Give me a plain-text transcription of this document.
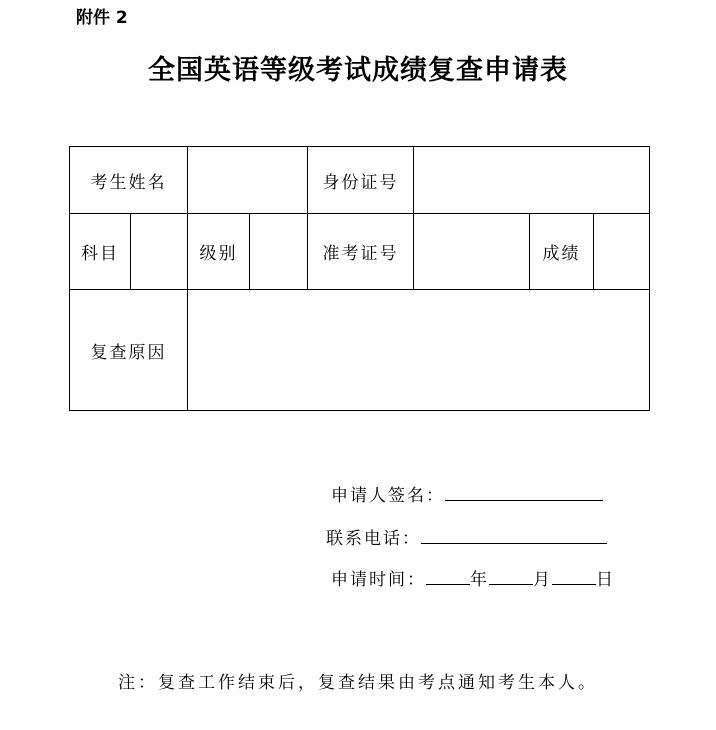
附件 2
全国英语等级考试成绩复查申请表
考生姓名				身份证号			
科目		级别		准考证号		成绩	
复查原因							
申请人签名：
联系电话：
申请时间：	年	月	日
注：复查工作结束后，复查结果由考点通知考生本人。
